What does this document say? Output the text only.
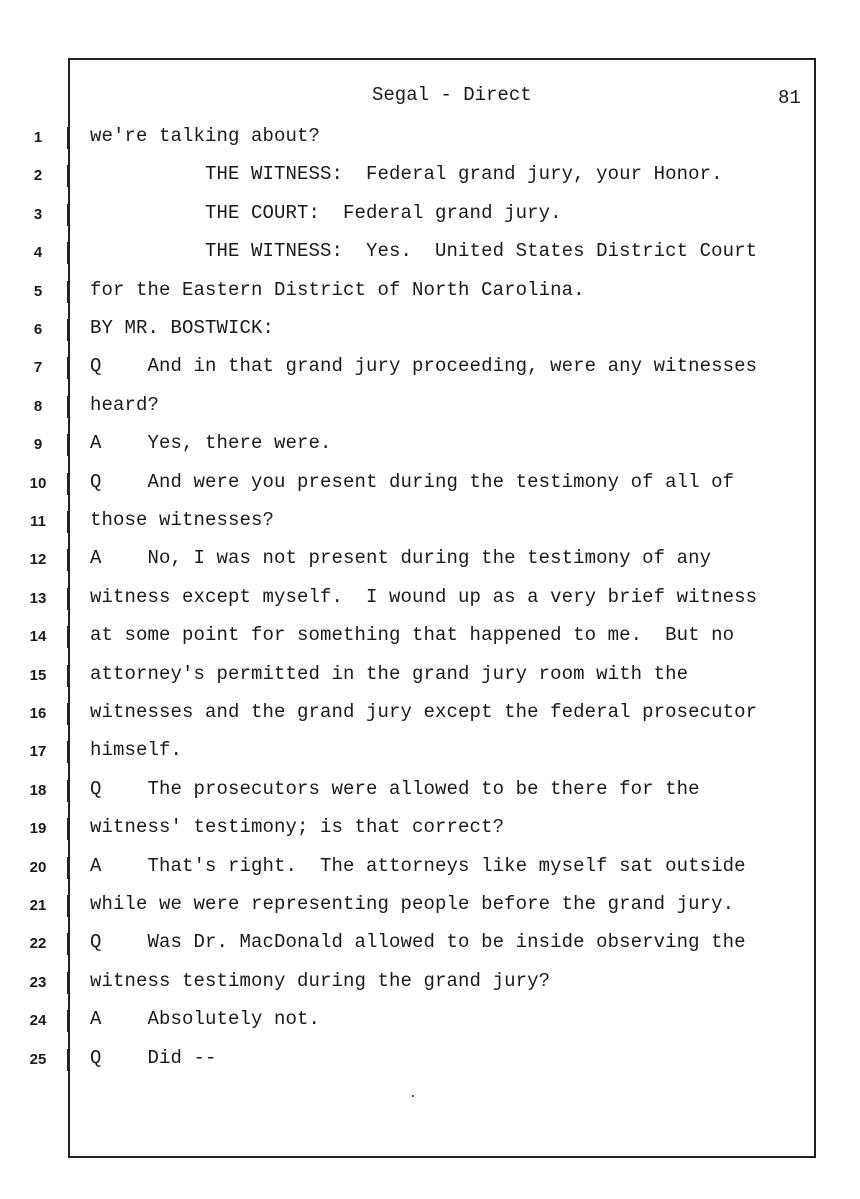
Segal - Direct	81
1	we're talking about?
2	THE WITNESS:  Federal grand jury, your Honor.
3	THE COURT:  Federal grand jury.
4	THE WITNESS:  Yes.  United States District Court
5	for the Eastern District of North Carolina.
6	BY MR. BOSTWICK:
7	Q    And in that grand jury proceeding, were any witnesses
8	heard?
9	A    Yes, there were.
10	Q    And were you present during the testimony of all of
11	those witnesses?
12	A    No, I was not present during the testimony of any
13	witness except myself.  I wound up as a very brief witness
14	at some point for something that happened to me.  But no
15	attorney's permitted in the grand jury room with the
16	witnesses and the grand jury except the federal prosecutor
17	himself.
18	Q    The prosecutors were allowed to be there for the
19	witness' testimony; is that correct?
20	A    That's right.  The attorneys like myself sat outside
21	while we were representing people before the grand jury.
22	Q    Was Dr. MacDonald allowed to be inside observing the
23	witness testimony during the grand jury?
24	A    Absolutely not.
25	Q    Did --
